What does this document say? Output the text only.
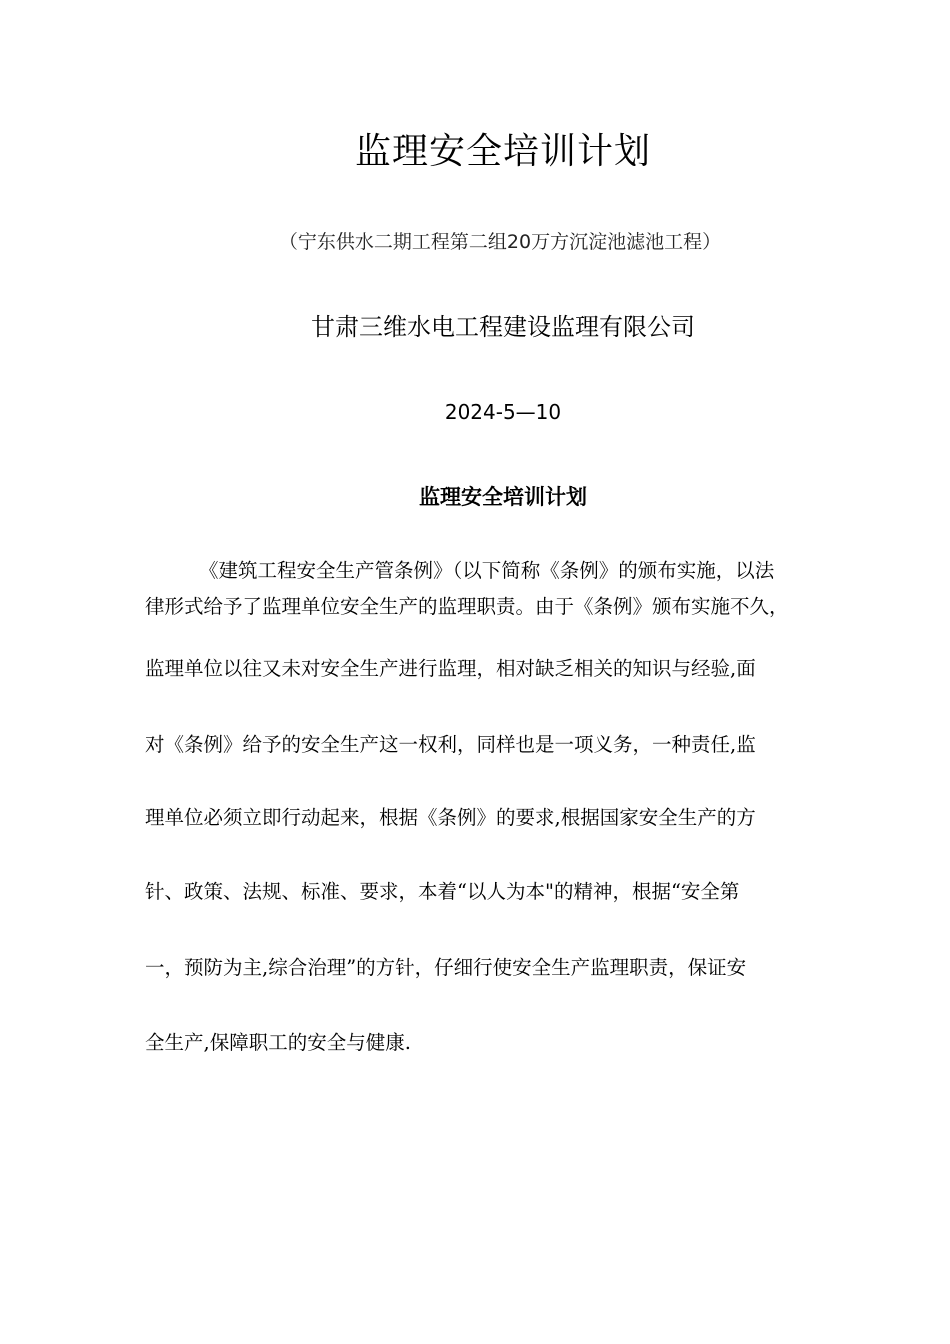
监理安全培训计划
（宁东供水二期工程第二组20万方沉淀池滤池工程）
甘肃三维水电工程建设监理有限公司
2024-5—10
监理安全培训计划
《建筑工程安全生产管条例》（以下简称《条例》的颁布实施，以法
律形式给予了监理单位安全生产的监理职责。由于《条例》颁布实施不久，
监理单位以往又未对安全生产进行监理，相对缺乏相关的知识与经验,面
对《条例》给予的安全生产这一权利，同样也是一项义务，一种责任,监
理单位必须立即行动起来，根据《条例》的要求,根据国家安全生产的方
针、政策、法规、标准、要求，本着“以人为本"的精神，根据“安全第
一，预防为主,综合治理”的方针，仔细行使安全生产监理职责，保证安
全生产,保障职工的安全与健康.
